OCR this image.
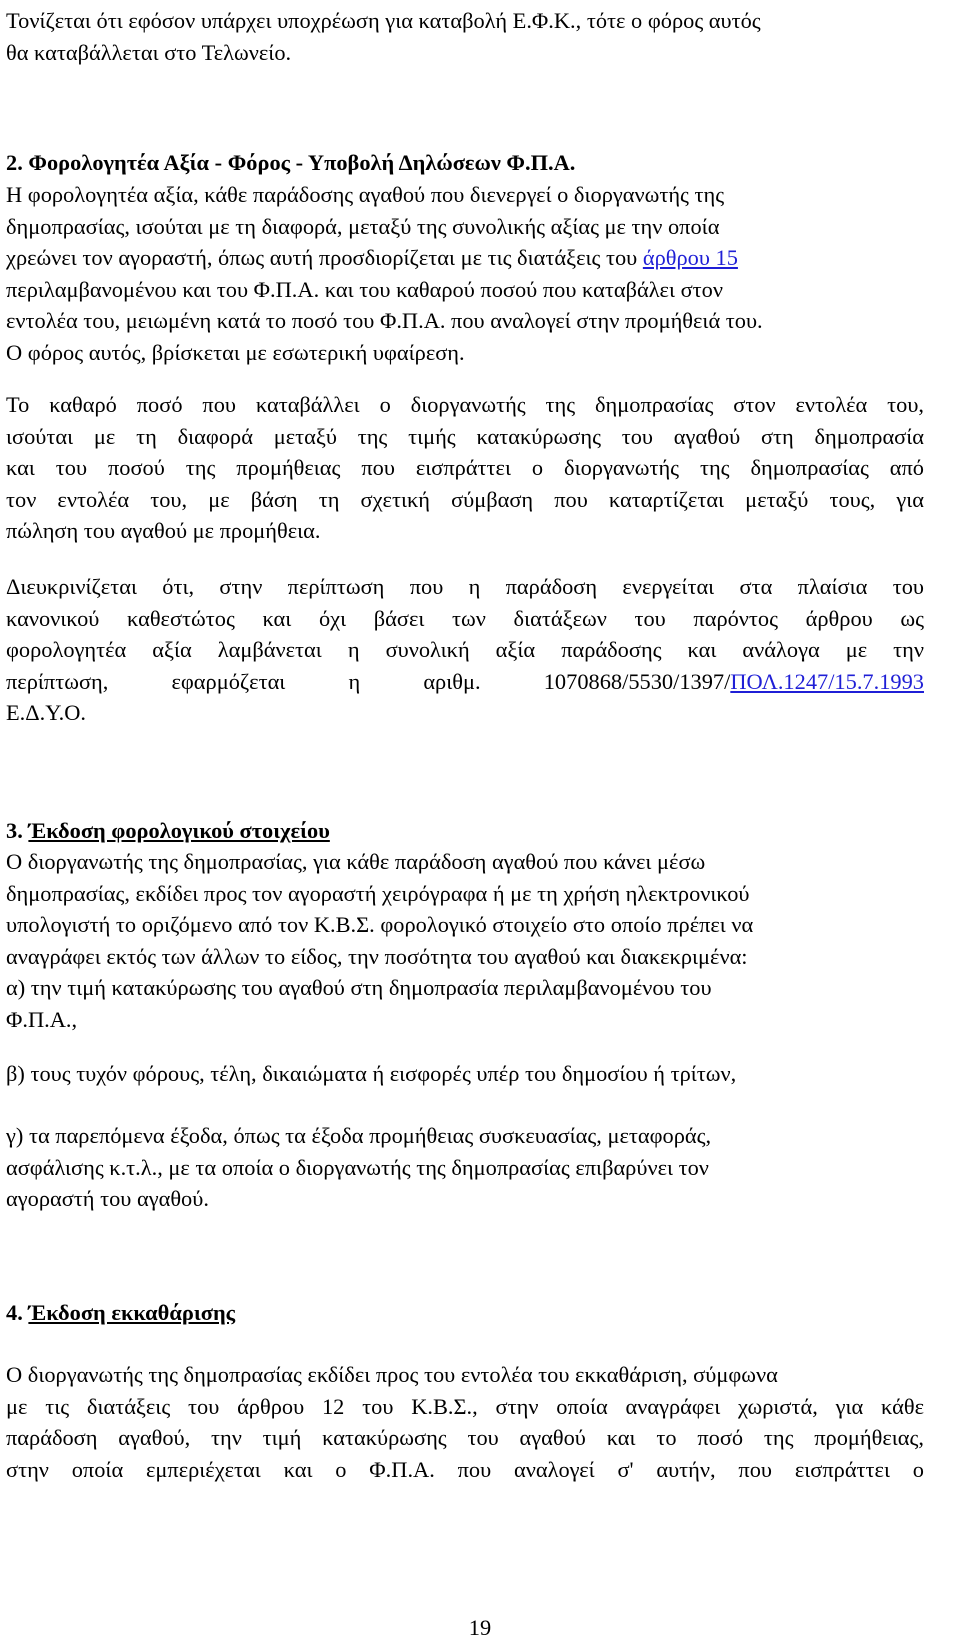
Τονίζεται ότι εφόσον υπάρχει υποχρέωση για καταβολή Ε.Φ.Κ., τότε ο φόρος αυτός
θα καταβάλλεται στο Τελωνείο.
2. Φορολογητέα Αξία - Φόρος - Υποβολή Δηλώσεων Φ.Π.Α.
Η φορολογητέα αξία, κάθε παράδοσης αγαθού που διενεργεί ο διοργανωτής της
δημοπρασίας, ισούται με τη διαφορά, μεταξύ της συνολικής αξίας με την οποία
χρεώνει τον αγοραστή, όπως αυτή προσδιορίζεται με τις διατάξεις του άρθρου 15
περιλαμβανομένου και του Φ.Π.Α. και του καθαρού ποσού που καταβάλει στον
εντολέα του, μειωμένη κατά το ποσό του Φ.Π.Α. που αναλογεί στην προμήθειά του.
Ο φόρος αυτός, βρίσκεται με εσωτερική υφαίρεση.
Το καθαρό ποσό που καταβάλλει ο διοργανωτής της δημοπρασίας στον εντολέα του,
ισούται με τη διαφορά μεταξύ της τιμής κατακύρωσης του αγαθού στη δημοπρασία
και του ποσού της προμήθειας που εισπράττει ο διοργανωτής της δημοπρασίας από
τον εντολέα του, με βάση τη σχετική σύμβαση που καταρτίζεται μεταξύ τους, για
πώληση του αγαθού με προμήθεια.
Διευκρινίζεται ότι, στην περίπτωση που η παράδοση ενεργείται στα πλαίσια του
κανονικού καθεστώτος και όχι βάσει των διατάξεων του παρόντος άρθρου ως
φορολογητέα αξία λαμβάνεται η συνολική αξία παράδοσης και ανάλογα με την
περίπτωση, εφαρμόζεται η αριθμ. 1070868/5530/1397/ΠΟΛ.1247/15.7.1993
Ε.Δ.Υ.Ο.
3. Έκδοση φορολογικού στοιχείου
Ο διοργανωτής της δημοπρασίας, για κάθε παράδοση αγαθού που κάνει μέσω
δημοπρασίας, εκδίδει προς τον αγοραστή χειρόγραφα ή με τη χρήση ηλεκτρονικού
υπολογιστή το οριζόμενο από τον Κ.Β.Σ. φορολογικό στοιχείο στο οποίο πρέπει να
αναγράφει εκτός των άλλων το είδος, την ποσότητα του αγαθού και διακεκριμένα:
α) την τιμή κατακύρωσης του αγαθού στη δημοπρασία περιλαμβανομένου του
Φ.Π.Α.,
β) τους τυχόν φόρους, τέλη, δικαιώματα ή εισφορές υπέρ του δημοσίου ή τρίτων,
γ) τα παρεπόμενα έξοδα, όπως τα έξοδα προμήθειας συσκευασίας, μεταφοράς,
ασφάλισης κ.τ.λ., με τα οποία ο διοργανωτής της δημοπρασίας επιβαρύνει τον
αγοραστή του αγαθού.
4. Έκδοση εκκαθάρισης
Ο διοργανωτής της δημοπρασίας εκδίδει προς του εντολέα του εκκαθάριση, σύμφωνα
με τις διατάξεις του άρθρου 12 του Κ.Β.Σ., στην οποία αναγράφει χωριστά, για κάθε
παράδοση αγαθού, την τιμή κατακύρωσης του αγαθού και το ποσό της προμήθειας,
στην οποία εμπεριέχεται και ο Φ.Π.Α. που αναλογεί σ' αυτήν, που εισπράττει ο
19
